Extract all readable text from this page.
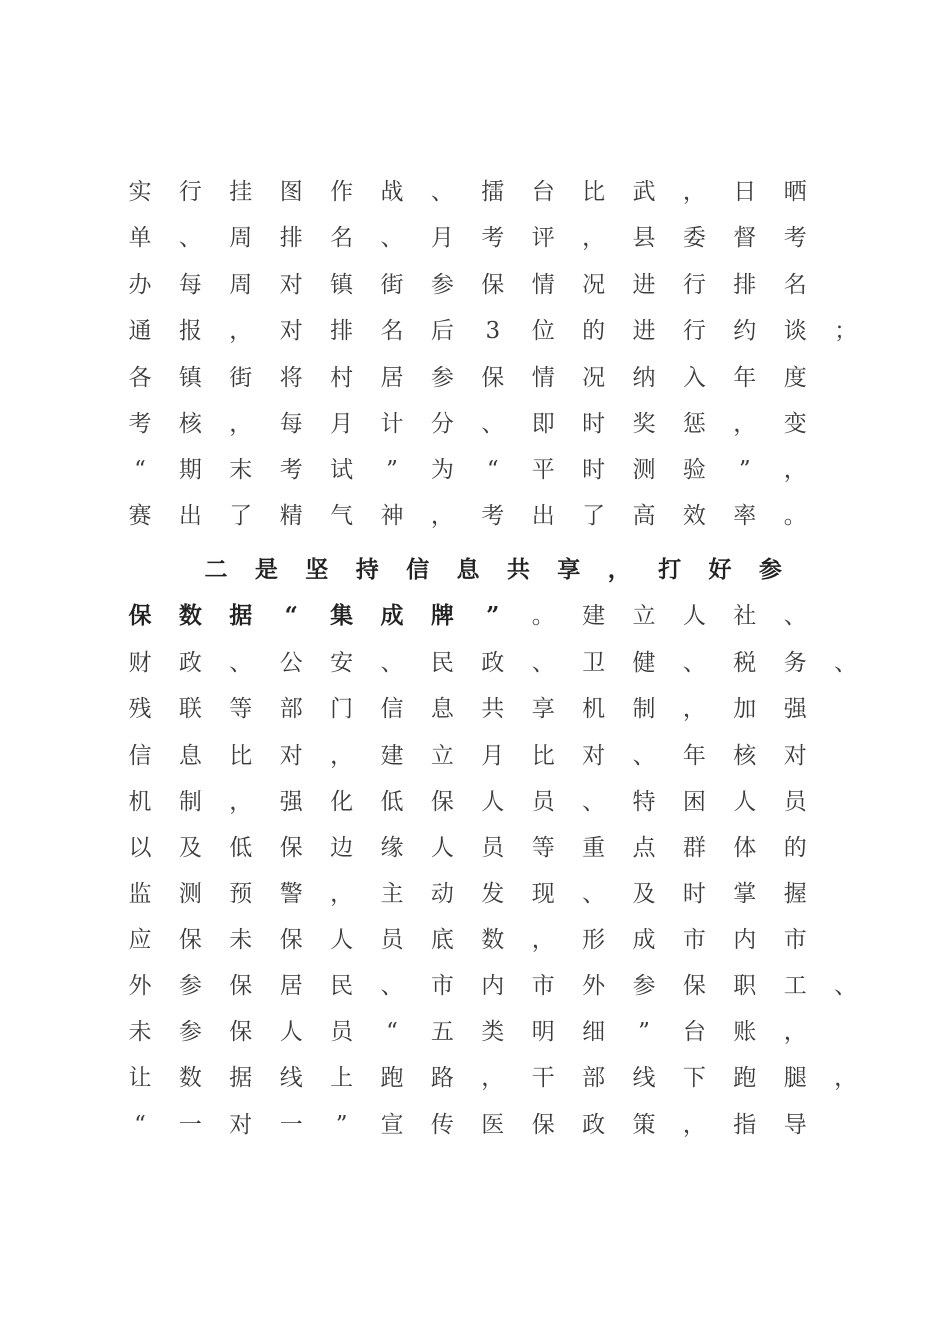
实 行 挂 图 作 战 、 擂 台 比 武 ， 日 晒
单 、 周 排 名 、 月 考 评 ， 县 委 督 考
办 每 周 对 镇 街 参 保 情 况 进 行 排 名
通 报 ， 对 排 名 后	3	位 的 进 行 约 谈 ；
各 镇 街 将 村 居 参 保 情 况 纳 入 年 度
考 核 ， 每 月 计 分 、 即 时 奖 惩 ， 变
“	期 末 考 试	”	为	“	平 时 测 验	”	，
赛 出 了 精 气 神 ， 考 出 了 高 效 率 。
二 是 坚 持 信 息 共 享 ， 打 好 参
保 数 据	“	集 成 牌	”	。 建 立 人 社 、
财 政 、 公 安 、 民 政 、 卫 健 、 税 务 、
残 联 等 部 门 信 息 共 享 机 制 ， 加 强
信 息 比 对 ， 建 立 月 比 对 、 年 核 对
机 制 ， 强 化 低 保 人 员 、 特 困 人 员
以 及 低 保 边 缘 人 员 等 重 点 群 体 的
监 测 预 警 ， 主 动 发 现 、 及 时 掌 握
应 保 未 保 人 员 底 数 ， 形 成 市 内 市
外 参 保 居 民 、 市 内 市 外 参 保 职 工 、
未 参 保 人 员	“	五 类 明 细	”	台 账 ，
让 数 据 线 上 跑 路 ， 干 部 线 下 跑 腿 ，
“	一 对 一	”	宣 传 医 保 政 策 ， 指 导
